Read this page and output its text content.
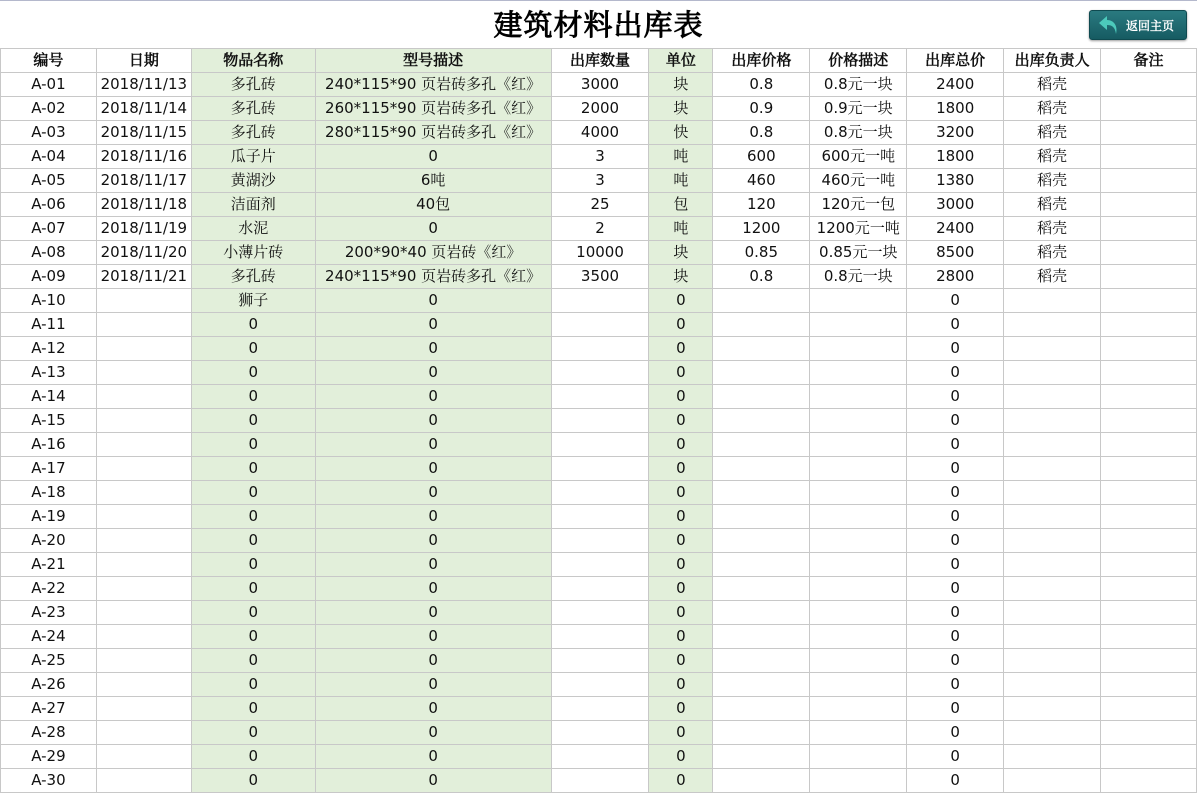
建筑材料出库表	返回主页
编号	日期	物品名称	型号描述	出库数量	单位	出库价格	价格描述	出库总价	出库负责人	备注
A-01	2018/11/13	多孔砖	240*115*90 页岩砖多孔《红》	3000	块	0.8	0.8元一块	2400	稻壳	
A-02	2018/11/14	多孔砖	260*115*90 页岩砖多孔《红》	2000	块	0.9	0.9元一块	1800	稻壳	
A-03	2018/11/15	多孔砖	280*115*90 页岩砖多孔《红》	4000	快	0.8	0.8元一块	3200	稻壳	
A-04	2018/11/16	瓜子片	0	3	吨	600	600元一吨	1800	稻壳	
A-05	2018/11/17	黄湖沙	6吨	3	吨	460	460元一吨	1380	稻壳	
A-06	2018/11/18	洁面剂	40包	25	包	120	120元一包	3000	稻壳	
A-07	2018/11/19	水泥	0	2	吨	1200	1200元一吨	2400	稻壳	
A-08	2018/11/20	小薄片砖	200*90*40 页岩砖《红》	10000	块	0.85	0.85元一块	8500	稻壳	
A-09	2018/11/21	多孔砖	240*115*90 页岩砖多孔《红》	3500	块	0.8	0.8元一块	2800	稻壳	
A-10		狮子	0		0			0		
A-11		0	0		0			0		
A-12		0	0		0			0		
A-13		0	0		0			0		
A-14		0	0		0			0		
A-15		0	0		0			0		
A-16		0	0		0			0		
A-17		0	0		0			0		
A-18		0	0		0			0		
A-19		0	0		0			0		
A-20		0	0		0			0		
A-21		0	0		0			0		
A-22		0	0		0			0		
A-23		0	0		0			0		
A-24		0	0		0			0		
A-25		0	0		0			0		
A-26		0	0		0			0		
A-27		0	0		0			0		
A-28		0	0		0			0		
A-29		0	0		0			0		
A-30		0	0		0			0		
